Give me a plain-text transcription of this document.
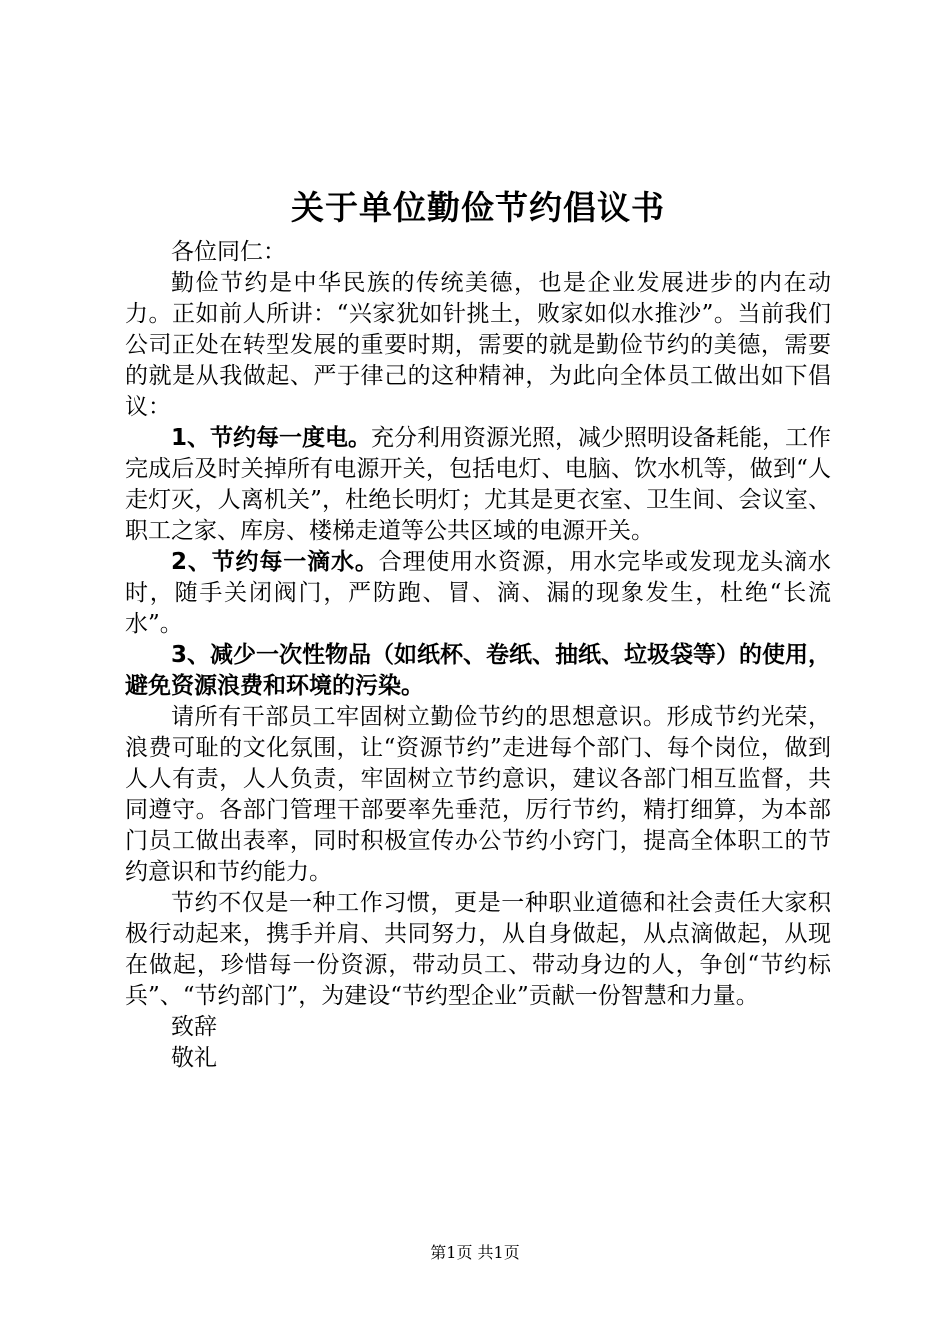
关于单位勤俭节约倡议书

各位同仁：

勤俭节约是中华民族的传统美德，也是企业发展进步的内在动力。正如前人所讲：“兴家犹如针挑土，败家如似水推沙”。当前我们公司正处在转型发展的重要时期，需要的就是勤俭节约的美德，需要的就是从我做起、严于律己的这种精神，为此向全体员工做出如下倡议：

1、节约每一度电。充分利用资源光照，减少照明设备耗能，工作完成后及时关掉所有电源开关，包括电灯、电脑、饮水机等，做到“人走灯灭，人离机关”，杜绝长明灯；尤其是更衣室、卫生间、会议室、职工之家、库房、楼梯走道等公共区域的电源开关。

2、节约每一滴水。合理使用水资源，用水完毕或发现龙头滴水时，随手关闭阀门，严防跑、冒、滴、漏的现象发生，杜绝“长流水”。

3、减少一次性物品（如纸杯、卷纸、抽纸、垃圾袋等）的使用，避免资源浪费和环境的污染。

请所有干部员工牢固树立勤俭节约的思想意识。形成节约光荣，浪费可耻的文化氛围，让“资源节约”走进每个部门、每个岗位，做到人人有责，人人负责，牢固树立节约意识，建议各部门相互监督，共同遵守。各部门管理干部要率先垂范，厉行节约，精打细算，为本部门员工做出表率，同时积极宣传办公节约小窍门，提高全体职工的节约意识和节约能力。

节约不仅是一种工作习惯，更是一种职业道德和社会责任大家积极行动起来，携手并肩、共同努力，从自身做起，从点滴做起，从现在做起，珍惜每一份资源，带动员工、带动身边的人，争创“节约标兵”、“节约部门”，为建设“节约型企业”贡献一份智慧和力量。

致辞

敬礼

第1页 共1页
